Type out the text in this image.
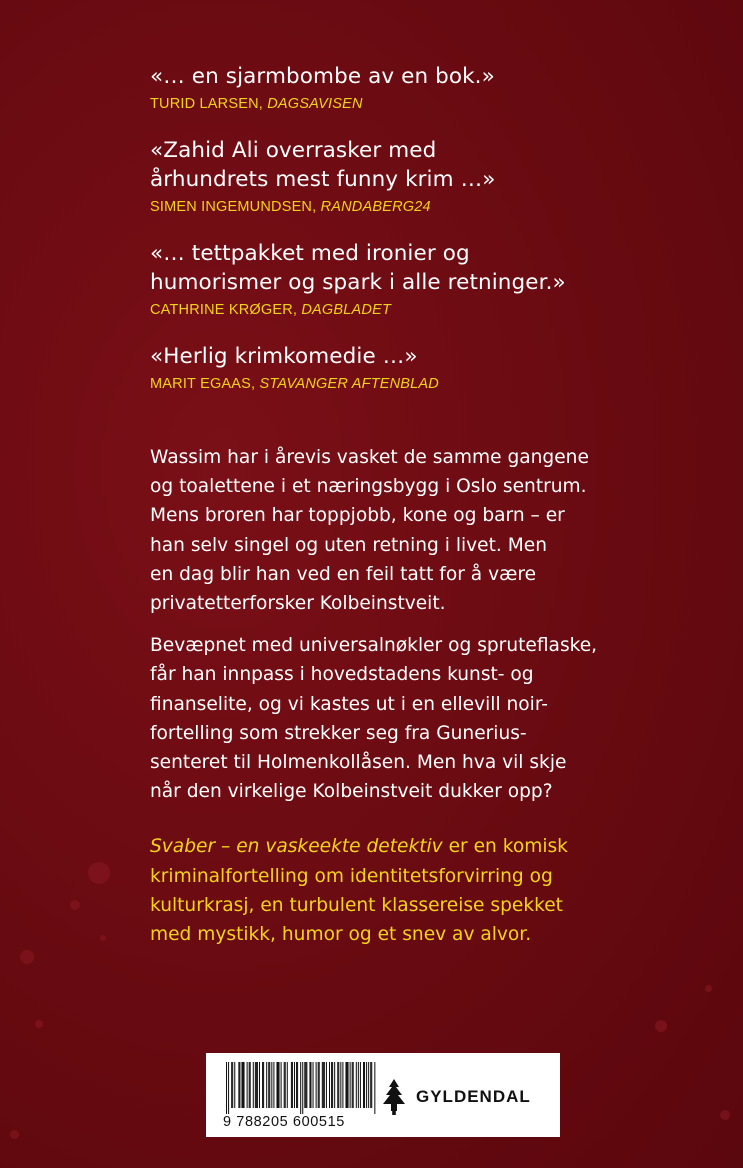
«… en sjarmbombe av en bok.»
TURID LARSEN, DAGSAVISEN
«Zahid Ali overrasker med
århundrets mest funny krim …»
SIMEN INGEMUNDSEN, RANDABERG24
«… tettpakket med ironier og
humorismer og spark i alle retninger.»
CATHRINE KRØGER, DAGBLADET
«Herlig krimkomedie …»
MARIT EGAAS, STAVANGER AFTENBLAD

Wassim har i årevis vasket de samme gangene
og toalettene i et næringsbygg i Oslo sentrum.
Mens broren har toppjobb, kone og barn – er
han selv singel og uten retning i livet. Men
en dag blir han ved en feil tatt for å være
privatetterforsker Kolbeinstveit.

Bevæpnet med universalnøkler og spruteflaske,
får han innpass i hovedstadens kunst- og
finanselite, og vi kastes ut i en ellevill noir-
fortelling som strekker seg fra Gunerius-
senteret til Holmenkollåsen. Men hva vil skje
når den virkelige Kolbeinstveit dukker opp?

Svaber – en vaskeekte detektiv er en komisk
kriminalfortelling om identitetsforvirring og
kulturkrasj, en turbulent klassereise spekket
med mystikk, humor og et snev av alvor.

9 788205 600515
GYLDENDAL
